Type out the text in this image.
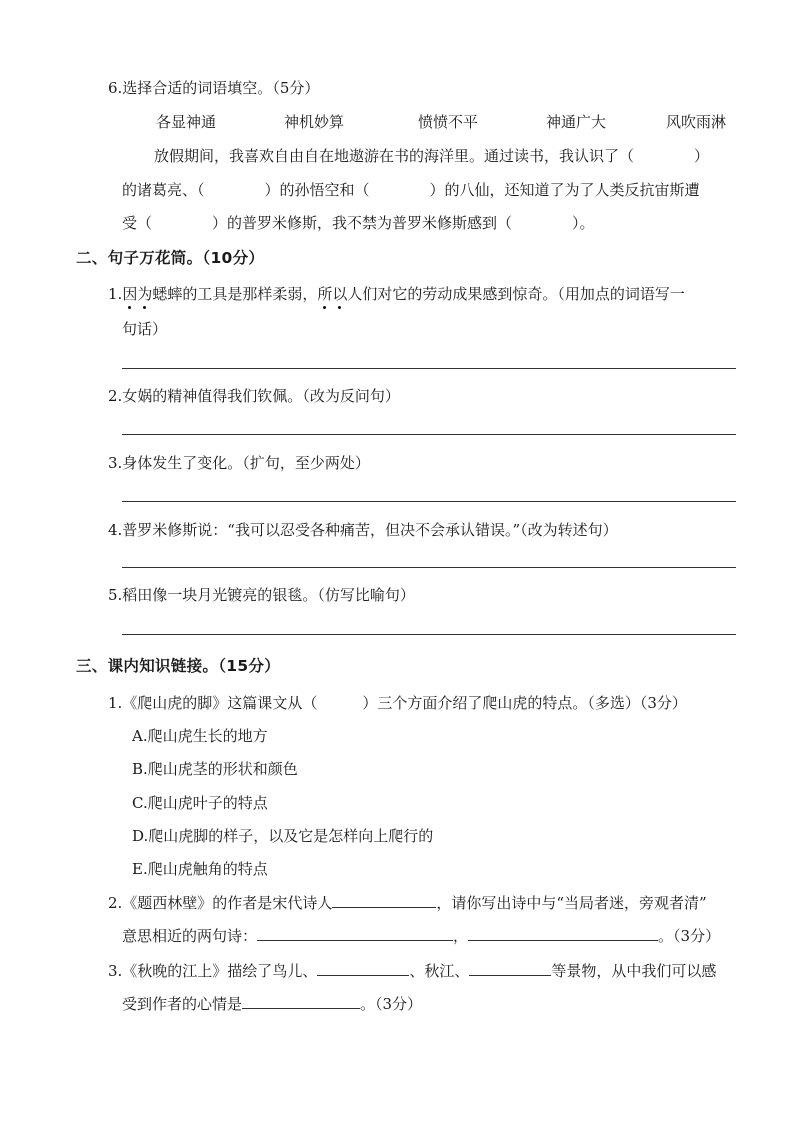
6.选择合适的词语填空。（5分）
各显神通	神机妙算	愤愤不平	神通广大	风吹雨淋
放假期间，我喜欢自由自在地遨游在书的海洋里。通过读书，我认识了（　　　　）
的诸葛亮、（　　　　）的孙悟空和（　　　　）的八仙，还知道了为了人类反抗宙斯遭
受（　　　　）的普罗米修斯，我不禁为普罗米修斯感到（　　　　）。
二、句子万花筒。（10分）
1.因为蟋蟀的工具是那样柔弱，所以人们对它的劳动成果感到惊奇。（用加点的词语写一
句话）
2.女娲的精神值得我们钦佩。（改为反问句）
3.身体发生了变化。（扩句，至少两处）
4.普罗米修斯说：“我可以忍受各种痛苦，但决不会承认错误。”（改为转述句）
5.稻田像一块月光镀亮的银毯。（仿写比喻句）
三、课内知识链接。（15分）
1.《爬山虎的脚》这篇课文从（　　　）三个方面介绍了爬山虎的特点。（多选）（3分）
A.爬山虎生长的地方
B.爬山虎茎的形状和颜色
C.爬山虎叶子的特点
D.爬山虎脚的样子，以及它是怎样向上爬行的
E.爬山虎触角的特点
2.《题西林壁》的作者是宋代诗人	，请你写出诗中与“当局者迷，旁观者清”
意思相近的两句诗：	，	。（3分）
3.《秋晚的江上》描绘了鸟儿、	、秋江、	等景物，从中我们可以感
受到作者的心情是	。（3分）
